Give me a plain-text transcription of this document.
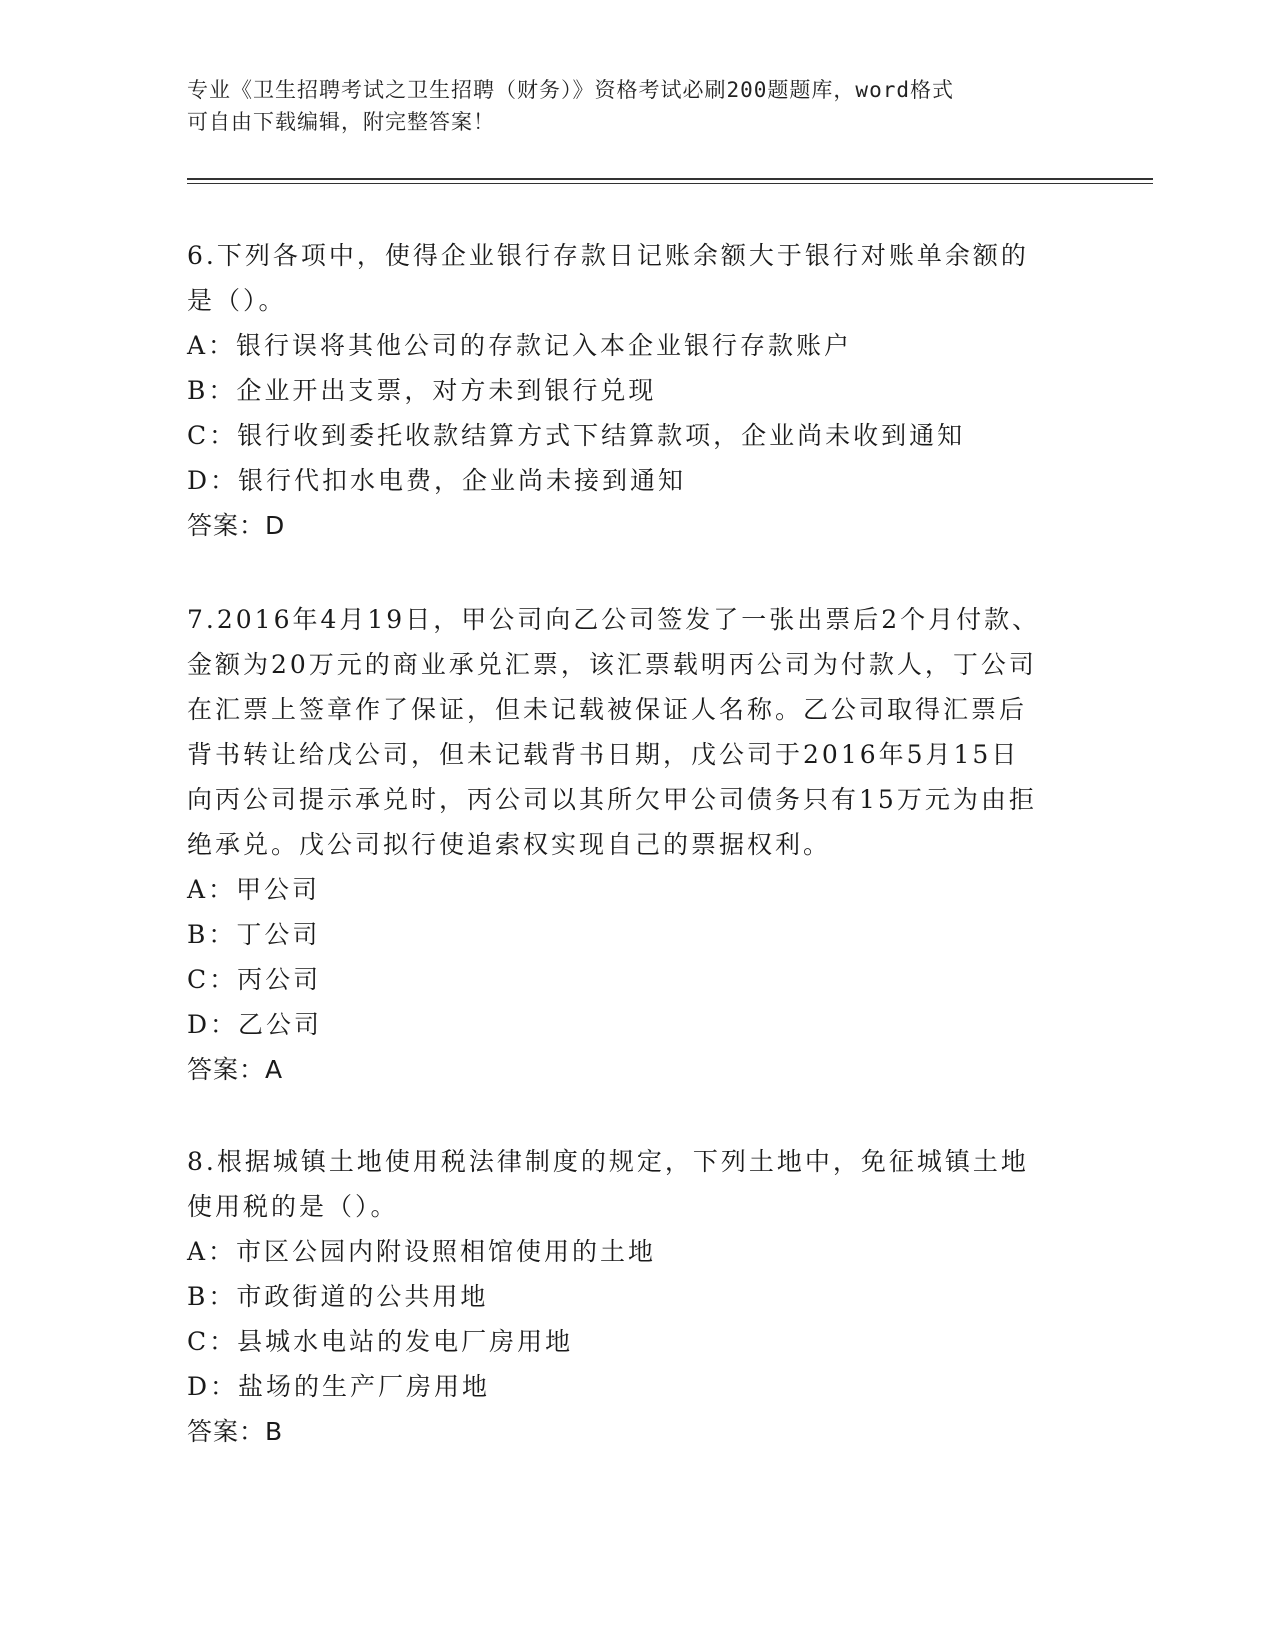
专业《卫生招聘考试之卫生招聘（财务）》资格考试必刷200题题库，word格式
可自由下载编辑，附完整答案！
6.下列各项中，使得企业银行存款日记账余额大于银行对账单余额的
是（）。
A：银行误将其他公司的存款记入本企业银行存款账户
B：企业开出支票，对方未到银行兑现
C：银行收到委托收款结算方式下结算款项，企业尚未收到通知
D：银行代扣水电费，企业尚未接到通知
答案：D
7.2016年4月19日，甲公司向乙公司签发了一张出票后2个月付款、
金额为20万元的商业承兑汇票，该汇票载明丙公司为付款人，丁公司
在汇票上签章作了保证，但未记载被保证人名称。乙公司取得汇票后
背书转让给戊公司，但未记载背书日期，戊公司于2016年5月15日
向丙公司提示承兑时，丙公司以其所欠甲公司债务只有15万元为由拒
绝承兑。戊公司拟行使追索权实现自己的票据权利。
A：甲公司
B：丁公司
C：丙公司
D：乙公司
答案：A
8.根据城镇土地使用税法律制度的规定，下列土地中，免征城镇土地
使用税的是（）。
A：市区公园内附设照相馆使用的土地
B：市政街道的公共用地
C：县城水电站的发电厂房用地
D：盐场的生产厂房用地
答案：B
